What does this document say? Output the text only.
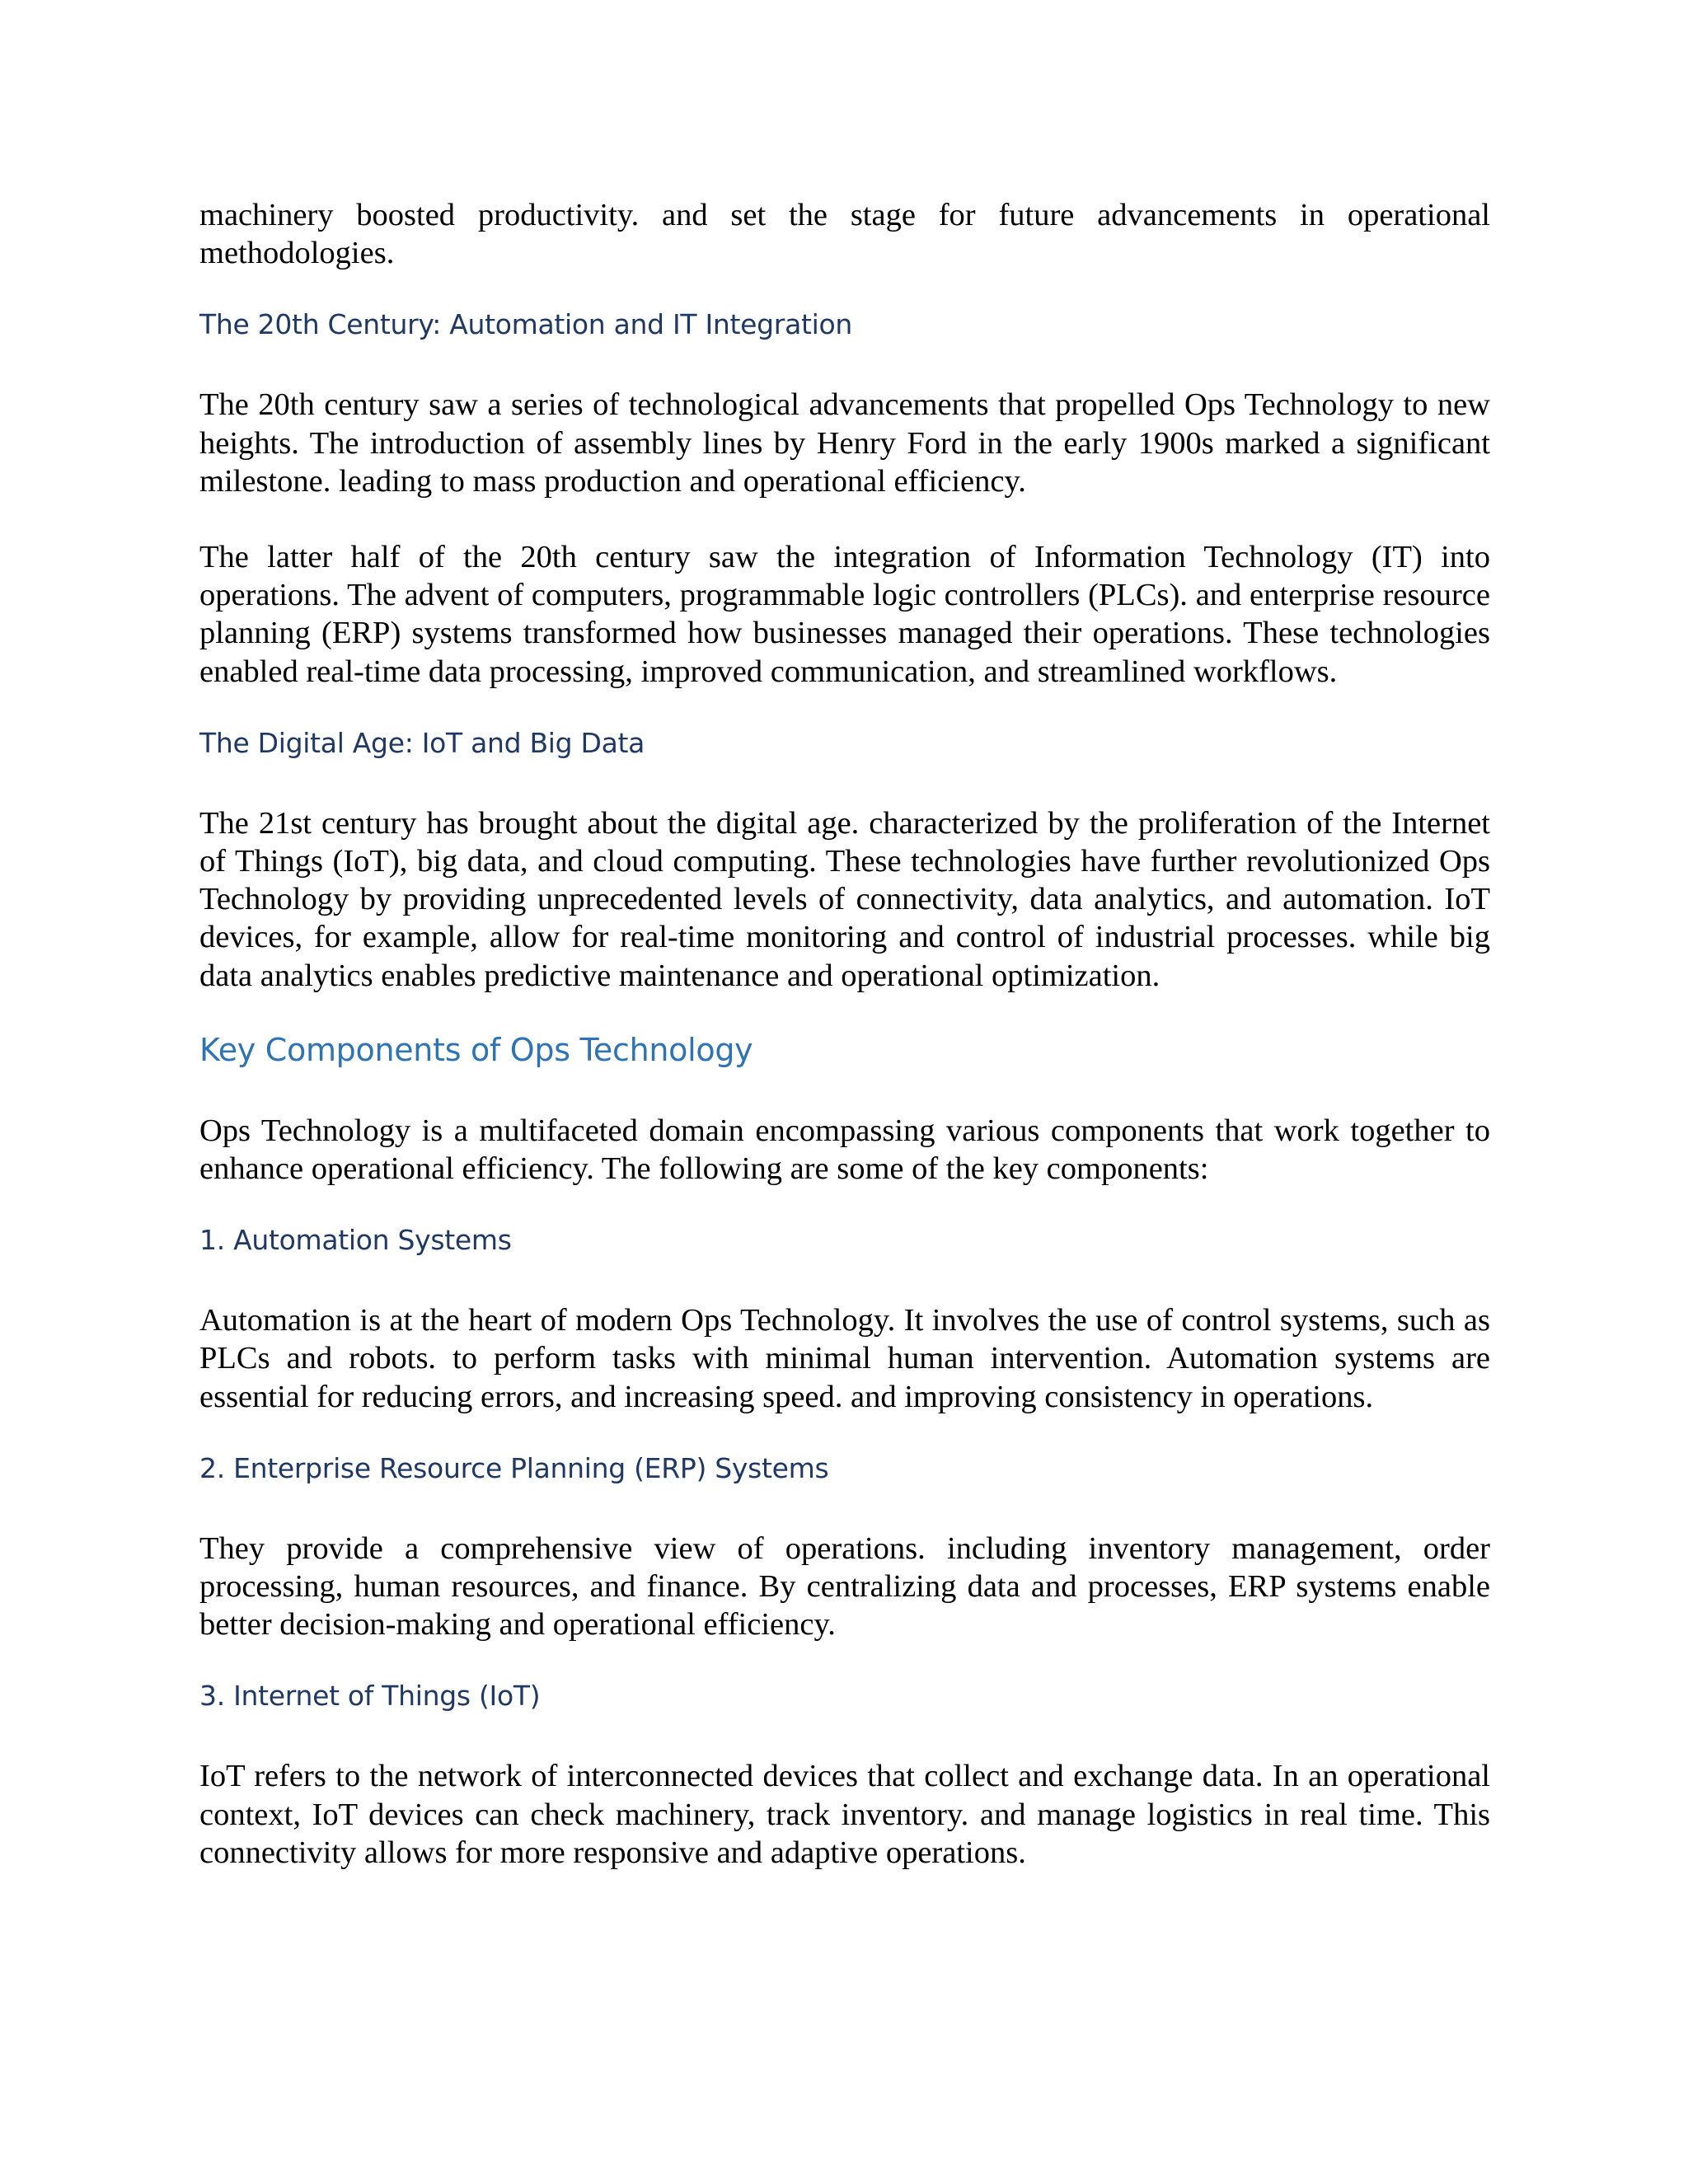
machinery boosted productivity. and set the stage for future advancements in operational methodologies.

The 20th Century: Automation and IT Integration

The 20th century saw a series of technological advancements that propelled Ops Technology to new heights. The introduction of assembly lines by Henry Ford in the early 1900s marked a significant milestone. leading to mass production and operational efficiency.

The latter half of the 20th century saw the integration of Information Technology (IT) into operations. The advent of computers, programmable logic controllers (PLCs). and enterprise resource planning (ERP) systems transformed how businesses managed their operations. These technologies enabled real-time data processing, improved communication, and streamlined workflows.

The Digital Age: IoT and Big Data

The 21st century has brought about the digital age. characterized by the proliferation of the Internet of Things (IoT), big data, and cloud computing. These technologies have further revolutionized Ops Technology by providing unprecedented levels of connectivity, data analytics, and automation. IoT devices, for example, allow for real-time monitoring and control of industrial processes. while big data analytics enables predictive maintenance and operational optimization.

Key Components of Ops Technology

Ops Technology is a multifaceted domain encompassing various components that work together to enhance operational efficiency. The following are some of the key components:

1. Automation Systems

Automation is at the heart of modern Ops Technology. It involves the use of control systems, such as PLCs and robots. to perform tasks with minimal human intervention. Automation systems are essential for reducing errors, and increasing speed. and improving consistency in operations.

2. Enterprise Resource Planning (ERP) Systems

They provide a comprehensive view of operations. including inventory management, order processing, human resources, and finance. By centralizing data and processes, ERP systems enable better decision-making and operational efficiency.

3. Internet of Things (IoT)

IoT refers to the network of interconnected devices that collect and exchange data. In an operational context, IoT devices can check machinery, track inventory. and manage logistics in real time. This connectivity allows for more responsive and adaptive operations.
